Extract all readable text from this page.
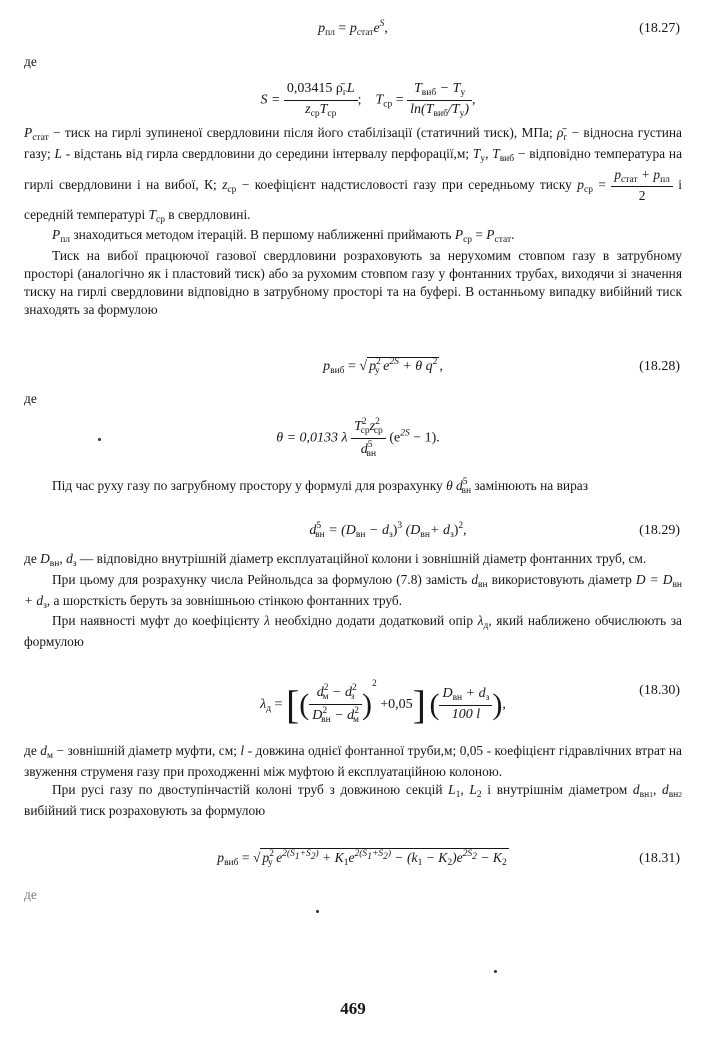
$p_{пл} = p_{стат}e^S$,	(18.27)
де
$S = \frac{0,03415 \rhō_гL}{z_{ср}T_{ср}}$ ; $T_{ср} = \frac{T_{виб} - T_у}{\ln(T_{виб}/T_у)}$ ,

$P_{стат}$ − тиск на гирлі зупиненої свердловини після його стабілізації (статичний тиск), МПа; $\rhō_г$ − відносна густина газу; L - відстань від гирла свердловини до середини інтервалу перфорації,м; $T_у$, $T_{виб}$ − відповідно температура на гирлі свердловини і на вибої, К; $z_{ср}$ − коефіцієнт надстисловості газу при середньому тиску $p_{ср} = \frac{p_{стат} + p_{пл}}{2}$ і середній температурі $T_{ср}$ в свердловині.

$P_{пл}$ знаходиться методом ітерацій. В першому наближенні приймають $P_{ср} = P_{стат}$.

Тиск на вибої працюючої газової свердловини розраховують за нерухомим стовпом газу в затрубному просторі (аналогічно як і пластовий тиск) або за рухомим стовпом газу у фонтанних трубах, виходячи зі значення тиску на гирлі свердловини відповідно в затрубному просторі та на буфері. В останньому випадку вибійний тиск знаходять за формулою

$p_{виб}$ = √ $p^2_у$ $e^{2S} + \theta$ $q^2$ ,	(18.28)
де
θ = 0,0133 λ $\frac{T^2_{ср}z^2_{ср}}{d^5_{вн}} (e^{2S} - 1)$.

Під час руху газу по загрубному простору у формулі для розрахунку θ $d^5_{вн}$ замінюють на вираз

$d^5_{вн} = (D_{вн} - d_з)^3$ $(D_{вн}+ d_з)^2$,	(18.29)

де $D_{вн}$, $d_з$ — відповідно внутрішній діаметр експлуатаційної колони і зовнішній діаметр фонтанних труб, см.

При цьому для розрахунку числа Рейнольдса за формулою (7.8) замість $d_{вн}$ використовують діаметр $D = D_{вн} + d_з$, а шорсткість беруть за зовнішньою стінкою фонтанних труб.

При наявності муфт до коефіцієнту λ необхідно додати додатковий опір $\lambda_д$, який наближено обчислюють за формулою

$\lambda_д$ = [( $\frac{d^2_м - d^2_з}{D^2_{вн} - d^2_м} )^2 +0,05$] ( $\frac{D_{вн} + d_з}{100 l}$ ),
(18.30)

де $d_м$ − зовнішній діаметр муфти, см; l - довжина однієї фонтанної труби,м; 0,05 - коефіцієнт гідравлічних втрат на звуження струменя газу при проходженні між муфтою й експлуатаційною колоною.

При русі газу по двоступінчастій колоні труб з довжиною секцій $L_1$, $L_2$ і внутрішнім діаметром $d_{вн1}$, $d_{вн2}$ вибійний тиск розраховують за формулою

$p_{виб}$ = √ $p^2_у$ $e^{2(S_1+S_2)} + K_1e^{2(S_1+S_2)} - (k_1 - K_2)e^{2S_2} - K_2$	(18.31)
де
469
